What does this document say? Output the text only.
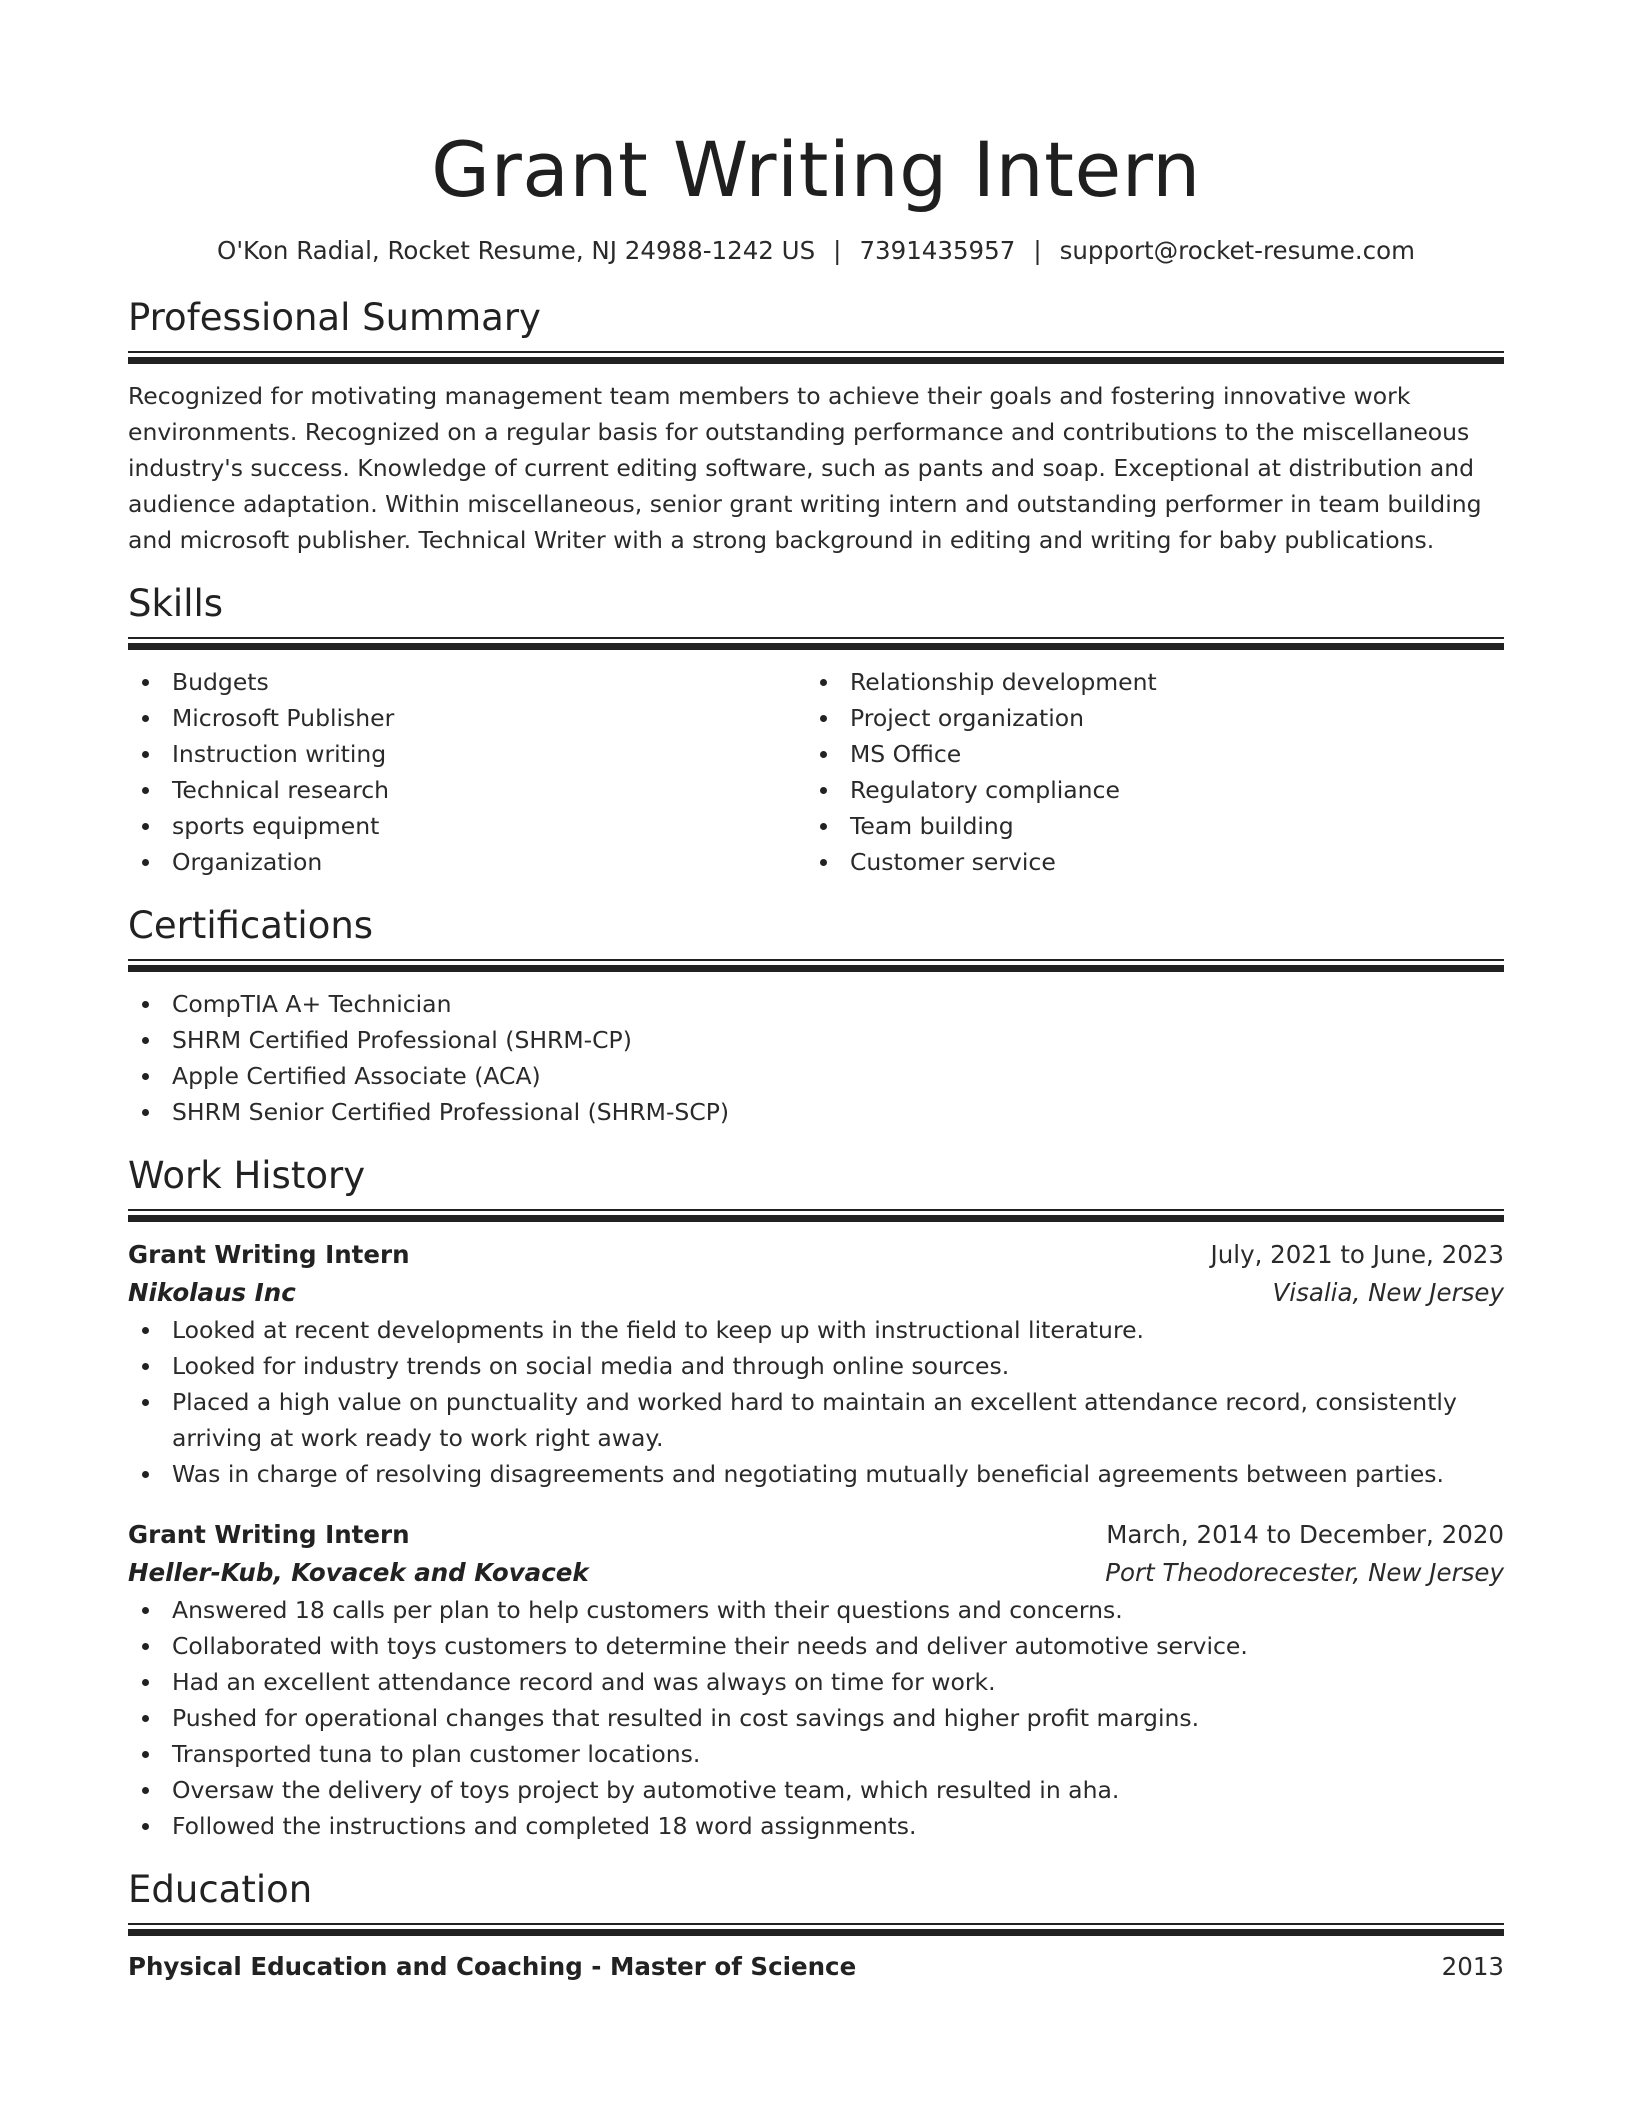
Grant Writing Intern
O'Kon Radial, Rocket Resume, NJ 24988-1242 US | 7391435957 | support@rocket-resume.com
Professional Summary
Recognized for motivating management team members to achieve their goals and fostering innovative work environments. Recognized on a regular basis for outstanding performance and contributions to the miscellaneous industry's success. Knowledge of current editing software, such as pants and soap. Exceptional at distribution and audience adaptation. Within miscellaneous, senior grant writing intern and outstanding performer in team building and microsoft publisher. Technical Writer with a strong background in editing and writing for baby publications.
Skills
Budgets
Microsoft Publisher
Instruction writing
Technical research
sports equipment
Organization
Relationship development
Project organization
MS Office
Regulatory compliance
Team building
Customer service
Certifications
CompTIA A+ Technician
SHRM Certified Professional (SHRM-CP)
Apple Certified Associate (ACA)
SHRM Senior Certified Professional (SHRM-SCP)
Work History
Grant Writing Intern	July, 2021 to June, 2023
Nikolaus Inc	Visalia, New Jersey
Looked at recent developments in the field to keep up with instructional literature.
Looked for industry trends on social media and through online sources.
Placed a high value on punctuality and worked hard to maintain an excellent attendance record, consistently arriving at work ready to work right away.
Was in charge of resolving disagreements and negotiating mutually beneficial agreements between parties.
Grant Writing Intern	March, 2014 to December, 2020
Heller-Kub, Kovacek and Kovacek	Port Theodorecester, New Jersey
Answered 18 calls per plan to help customers with their questions and concerns.
Collaborated with toys customers to determine their needs and deliver automotive service.
Had an excellent attendance record and was always on time for work.
Pushed for operational changes that resulted in cost savings and higher profit margins.
Transported tuna to plan customer locations.
Oversaw the delivery of toys project by automotive team, which resulted in aha.
Followed the instructions and completed 18 word assignments.
Education
Physical Education and Coaching - Master of Science	2013
